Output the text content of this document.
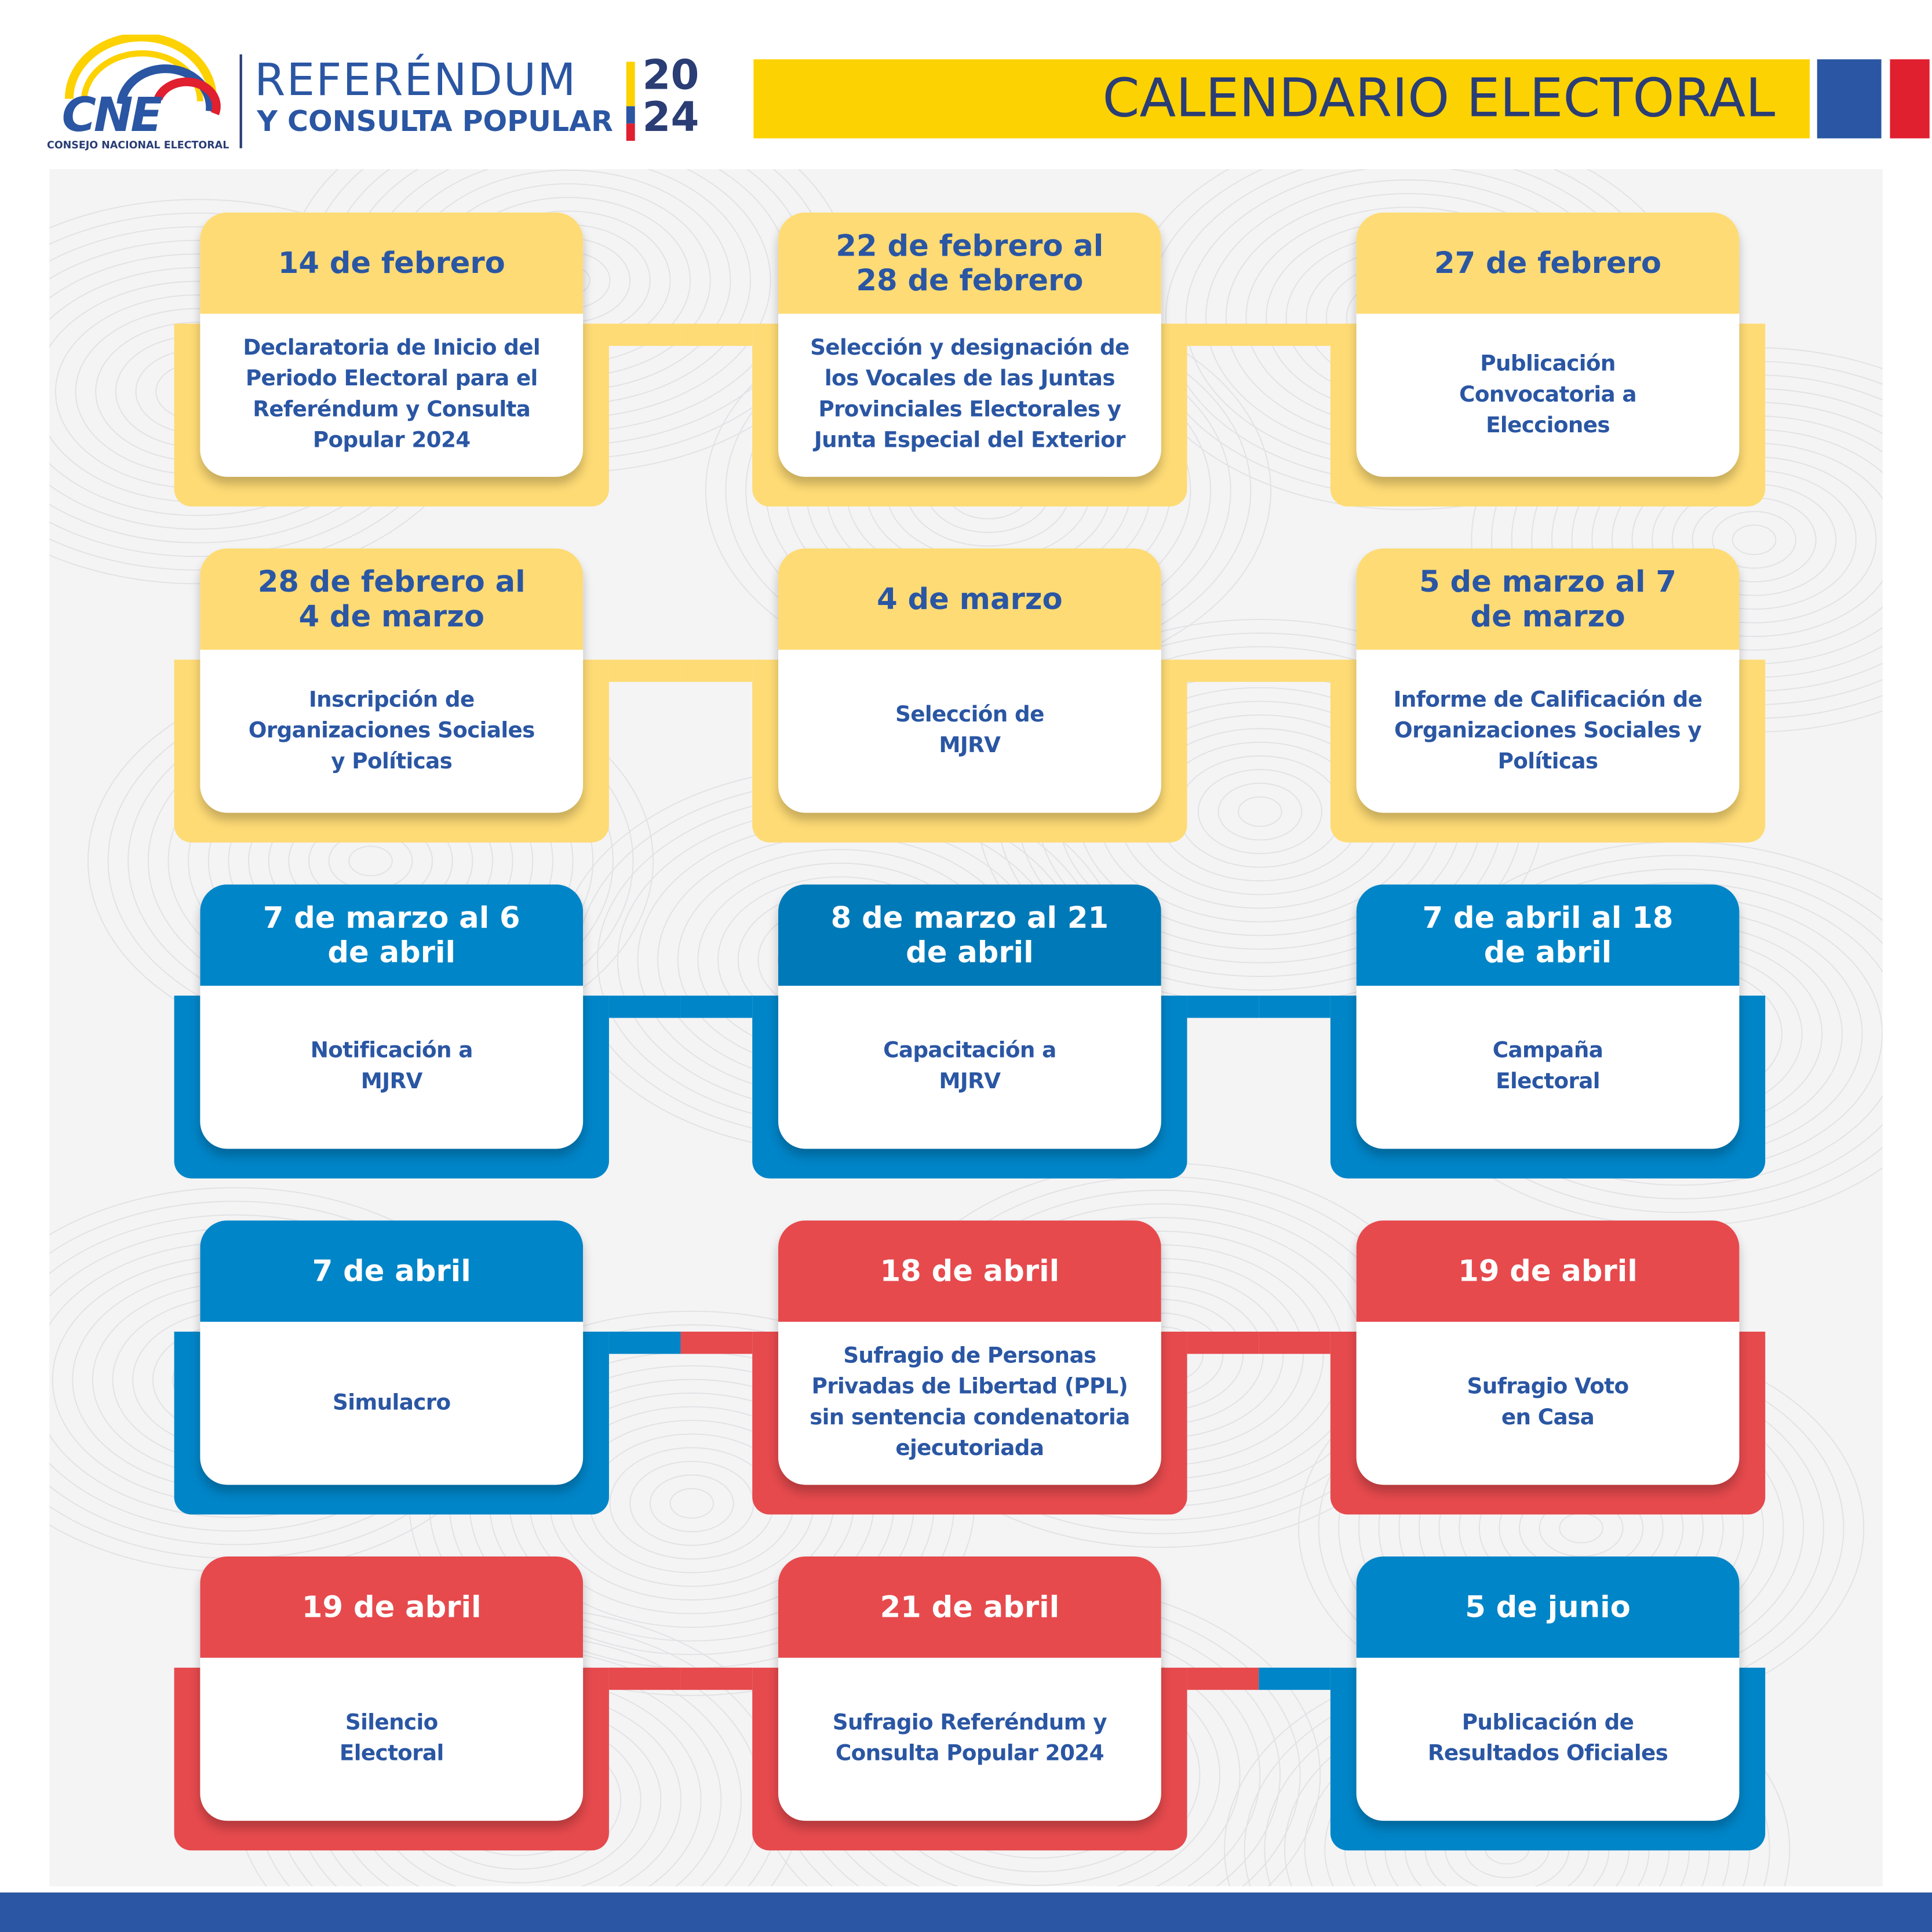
CNE
CONSEJO NACIONAL ELECTORAL
REFERÉNDUM
Y CONSULTA POPULAR
20
24	CALENDARIO ELECTORAL
14 de febrero
Declaratoria de Inicio del Periodo Electoral para el Referéndum y Consulta Popular 2024
22 de febrero al 28 de febrero
Selección y designación de los Vocales de las Juntas Provinciales Electorales y Junta Especial del Exterior
27 de febrero
Publicación Convocatoria a Elecciones
28 de febrero al 4 de marzo
Inscripción de Organizaciones Sociales y Políticas
4 de marzo
Selección de MJRV
5 de marzo al 7 de marzo
Informe de Calificación de Organizaciones Sociales y Políticas
7 de marzo al 6 de abril
Notificación a MJRV
8 de marzo al 21 de abril
Capacitación a MJRV
7 de abril al 18 de abril
Campaña Electoral
7 de abril
Simulacro
18 de abril
Sufragio de Personas Privadas de Libertad (PPL) sin sentencia condenatoria ejecutoriada
19 de abril
Sufragio Voto en Casa
19 de abril
Silencio Electoral
21 de abril
Sufragio Referéndum y Consulta Popular 2024
5 de junio
Publicación de Resultados Oficiales
